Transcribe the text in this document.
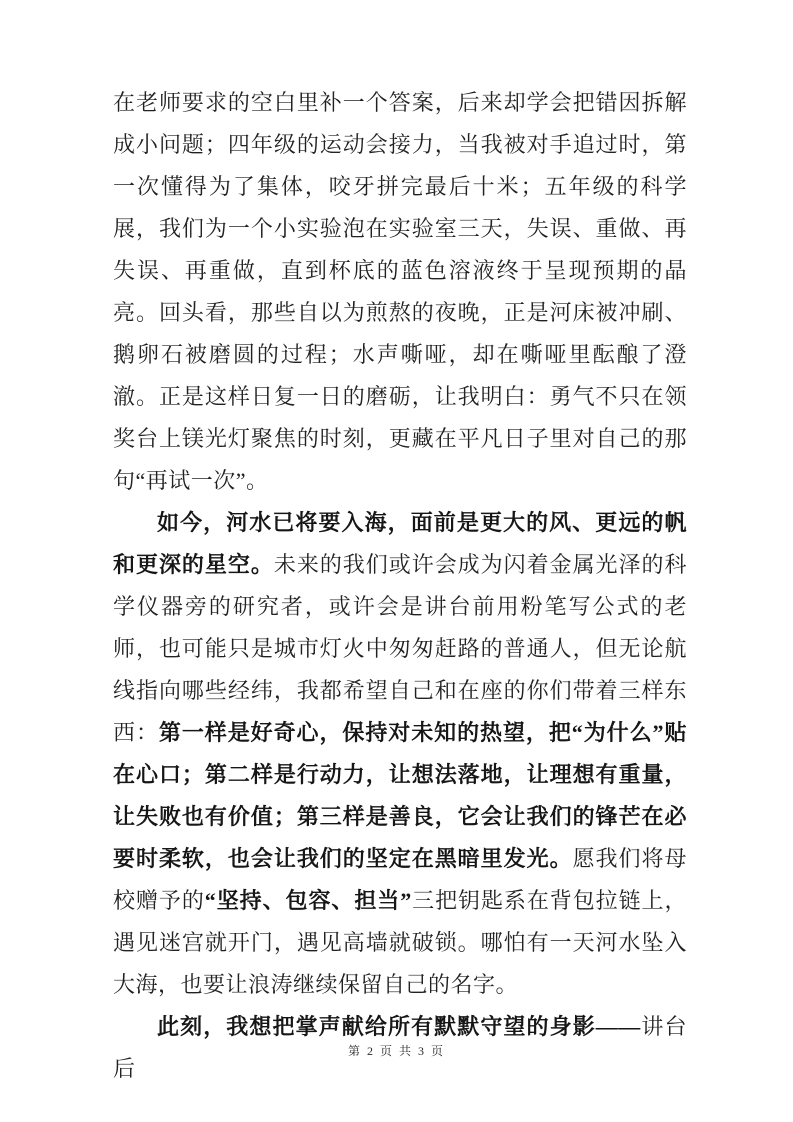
在老师要求的空白里补一个答案，后来却学会把错因拆解成小问题；四年级的运动会接力，当我被对手追过时，第一次懂得为了集体，咬牙拼完最后十米；五年级的科学展，我们为一个小实验泡在实验室三天，失误、重做、再失误、再重做，直到杯底的蓝色溶液终于呈现预期的晶亮。回头看，那些自以为煎熬的夜晚，正是河床被冲刷、鹅卵石被磨圆的过程；水声嘶哑，却在嘶哑里酝酿了澄澈。正是这样日复一日的磨砺，让我明白：勇气不只在领奖台上镁光灯聚焦的时刻，更藏在平凡日子里对自己的那句“再试一次”。

如今，河水已将要入海，面前是更大的风、更远的帆和更深的星空。未来的我们或许会成为闪着金属光泽的科学仪器旁的研究者，或许会是讲台前用粉笔写公式的老师，也可能只是城市灯火中匆匆赶路的普通人，但无论航线指向哪些经纬，我都希望自己和在座的你们带着三样东西：第一样是好奇心，保持对未知的热望，把“为什么”贴在心口；第二样是行动力，让想法落地，让理想有重量，让失败也有价值；第三样是善良，它会让我们的锋芒在必要时柔软，也会让我们的坚定在黑暗里发光。愿我们将母校赠予的“坚持、包容、担当”三把钥匙系在背包拉链上，遇见迷宫就开门，遇见高墙就破锁。哪怕有一天河水坠入大海，也要让浪涛继续保留自己的名字。

此刻，我想把掌声献给所有默默守望的身影——讲台后

第 2 页 共 3 页
